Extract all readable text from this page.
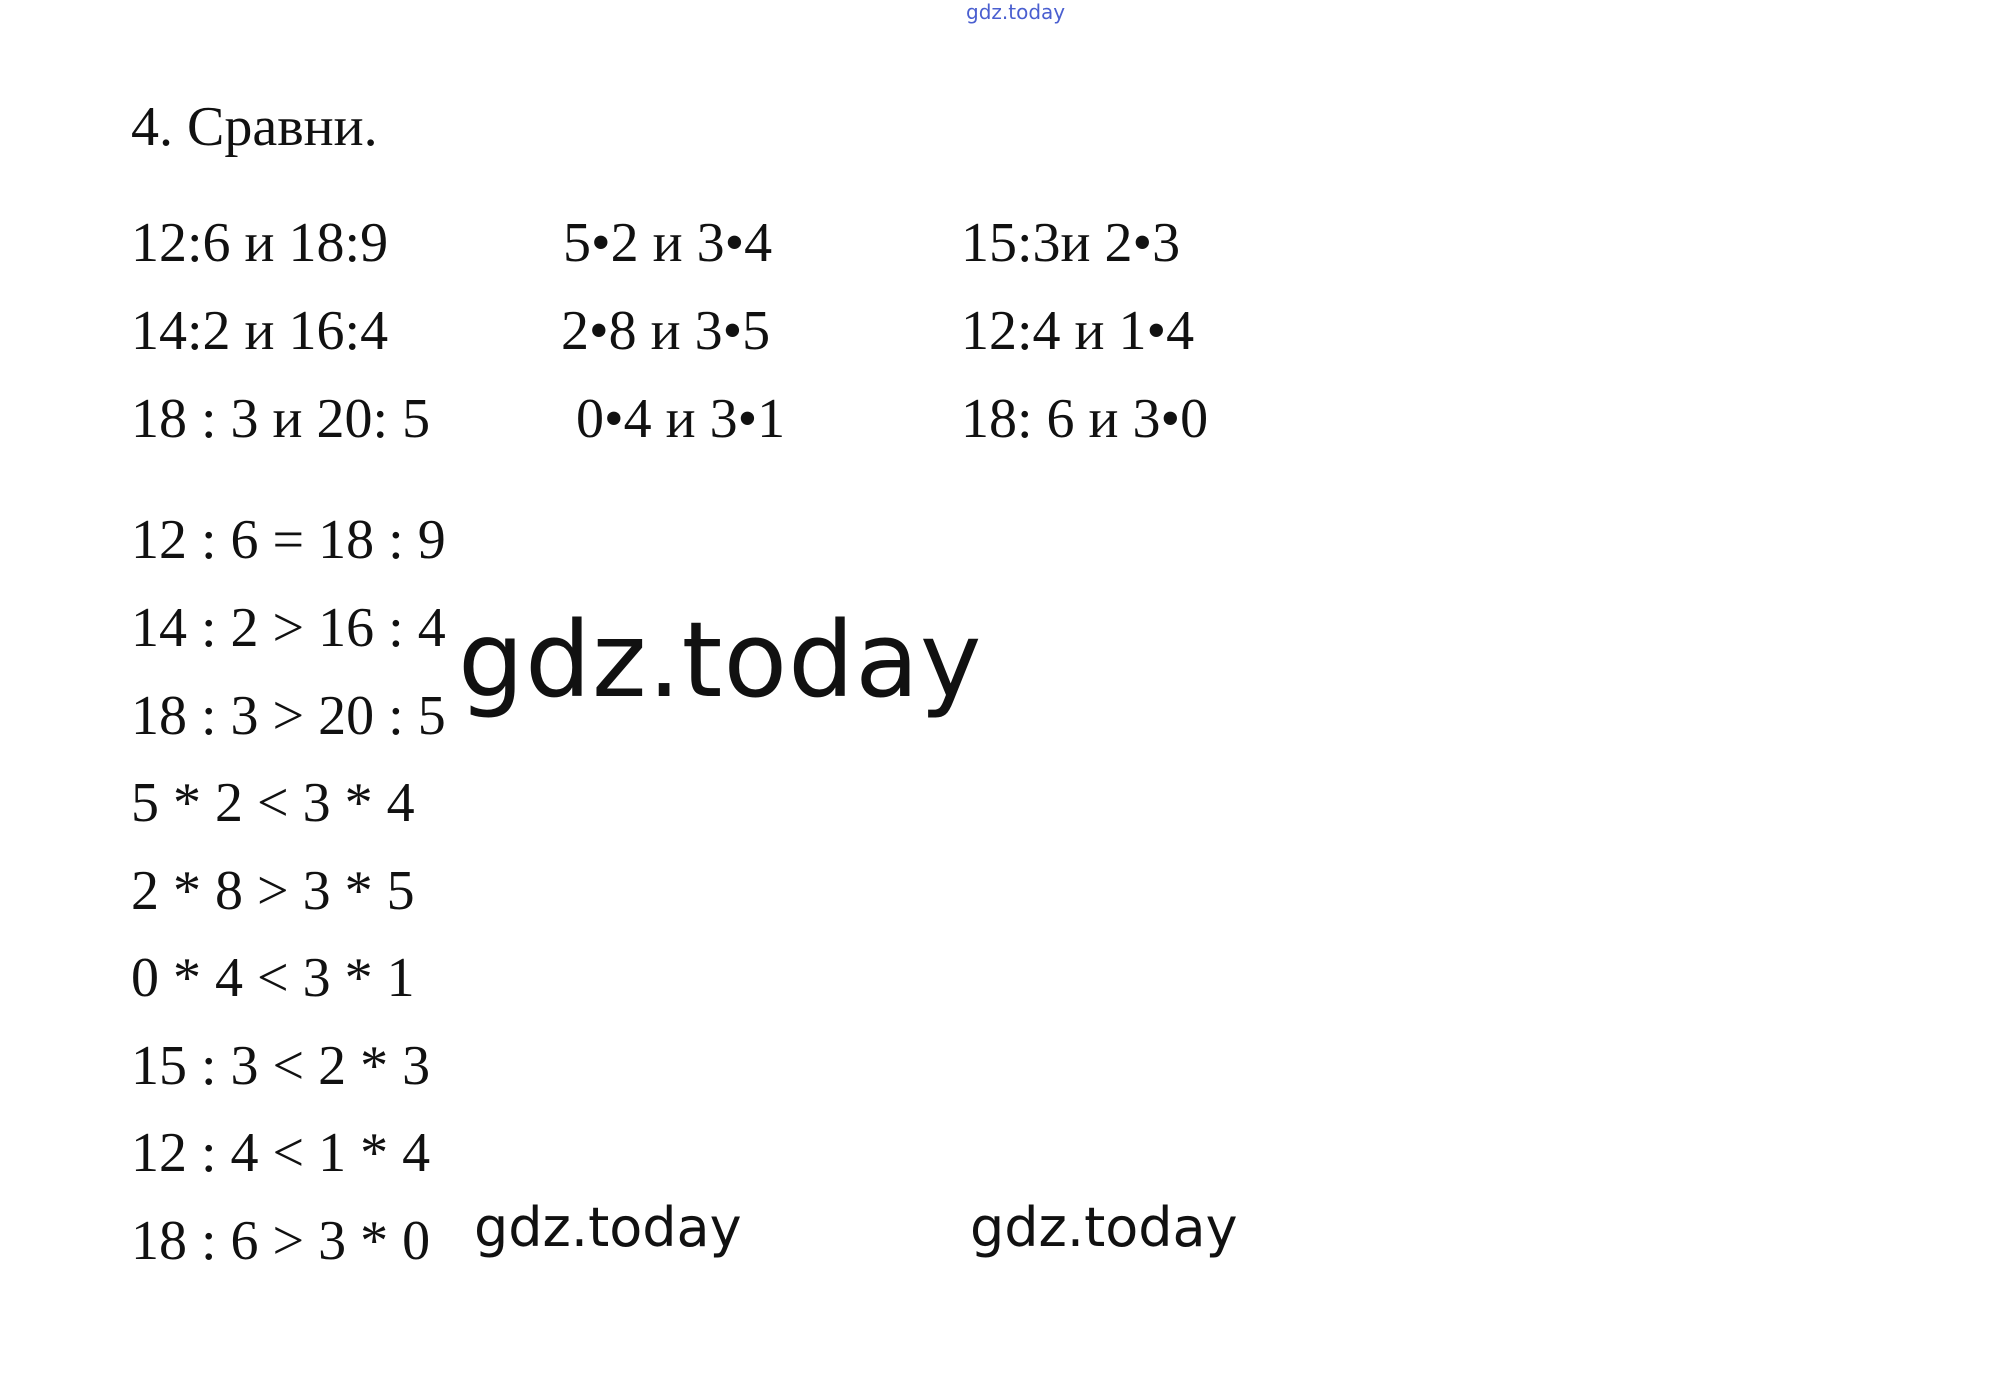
gdz.today
4. Сравни.
12:6 и 18:9
14:2 и 16:4
18 : 3 и 20: 5
5•2 и 3•4
2•8 и 3•5
0•4 и 3•1
15:3и 2•3
12:4 и 1•4
18: 6 и 3•0
12 : 6 = 18 : 9
14 : 2 > 16 : 4
18 : 3 > 20 : 5
5 * 2 < 3 * 4
2 * 8 > 3 * 5
0 * 4 < 3 * 1
15 : 3 < 2 * 3
12 : 4 < 1 * 4
18 : 6 > 3 * 0
gdz.today
gdz.today	gdz.today
